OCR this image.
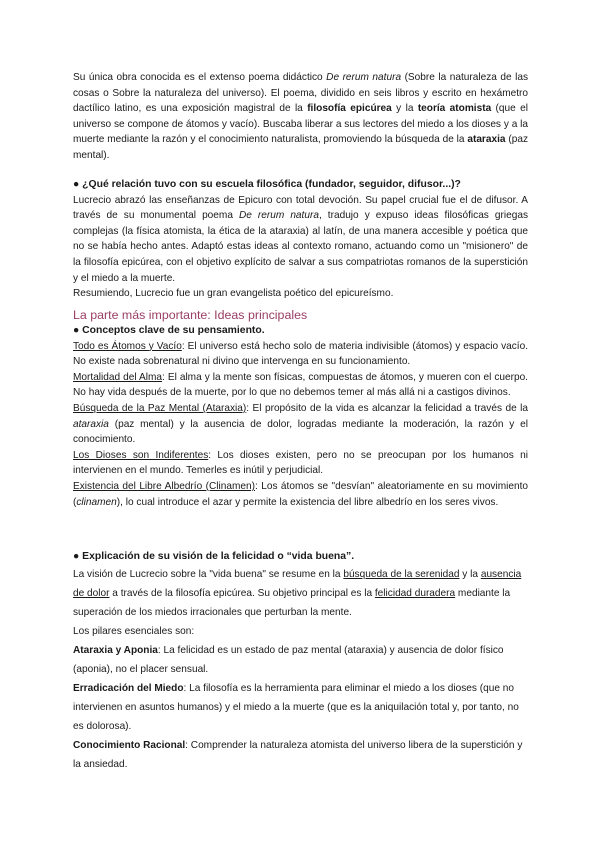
Su única obra conocida es el extenso poema didáctico De rerum natura (Sobre la naturaleza de las cosas o Sobre la naturaleza del universo). El poema, dividido en seis libros y escrito en hexámetro dactílico latino, es una exposición magistral de la filosofía epicúrea y la teoría atomista (que el universo se compone de átomos y vacío). Buscaba liberar a sus lectores del miedo a los dioses y a la muerte mediante la razón y el conocimiento naturalista, promoviendo la búsqueda de la ataraxia (paz mental).

● ¿Qué relación tuvo con su escuela filosófica (fundador, seguidor, difusor...)?

Lucrecio abrazó las enseñanzas de Epicuro con total devoción. Su papel crucial fue el de difusor. A través de su monumental poema De rerum natura, tradujo y expuso ideas filosóficas griegas complejas (la física atomista, la ética de la ataraxia) al latín, de una manera accesible y poética que no se había hecho antes. Adaptó estas ideas al contexto romano, actuando como un "misionero" de la filosofía epicúrea, con el objetivo explícito de salvar a sus compatriotas romanos de la superstición y el miedo a la muerte.

Resumiendo, Lucrecio fue un gran evangelista poético del epicureísmo.

La parte más importante: Ideas principales

● Conceptos clave de su pensamiento.

Todo es Átomos y Vacío: El universo está hecho solo de materia indivisible (átomos) y espacio vacío. No existe nada sobrenatural ni divino que intervenga en su funcionamiento.

Mortalidad del Alma: El alma y la mente son físicas, compuestas de átomos, y mueren con el cuerpo. No hay vida después de la muerte, por lo que no debemos temer al más allá ni a castigos divinos.

Búsqueda de la Paz Mental (Ataraxia): El propósito de la vida es alcanzar la felicidad a través de la ataraxia (paz mental) y la ausencia de dolor, logradas mediante la moderación, la razón y el conocimiento.

Los Dioses son Indiferentes: Los dioses existen, pero no se preocupan por los humanos ni intervienen en el mundo. Temerles es inútil y perjudicial.

Existencia del Libre Albedrío (Clinamen): Los átomos se "desvían" aleatoriamente en su movimiento (clinamen), lo cual introduce el azar y permite la existencia del libre albedrío en los seres vivos.

● Explicación de su visión de la felicidad o “vida buena”.

La visión de Lucrecio sobre la "vida buena" se resume en la búsqueda de la serenidad y la ausencia de dolor a través de la filosofía epicúrea. Su objetivo principal es la felicidad duradera mediante la superación de los miedos irracionales que perturban la mente.

Los pilares esenciales son:

Ataraxia y Aponia: La felicidad es un estado de paz mental (ataraxia) y ausencia de dolor físico (aponia), no el placer sensual.

Erradicación del Miedo: La filosofía es la herramienta para eliminar el miedo a los dioses (que no intervienen en asuntos humanos) y el miedo a la muerte (que es la aniquilación total y, por tanto, no es dolorosa).

Conocimiento Racional: Comprender la naturaleza atomista del universo libera de la superstición y la ansiedad.
